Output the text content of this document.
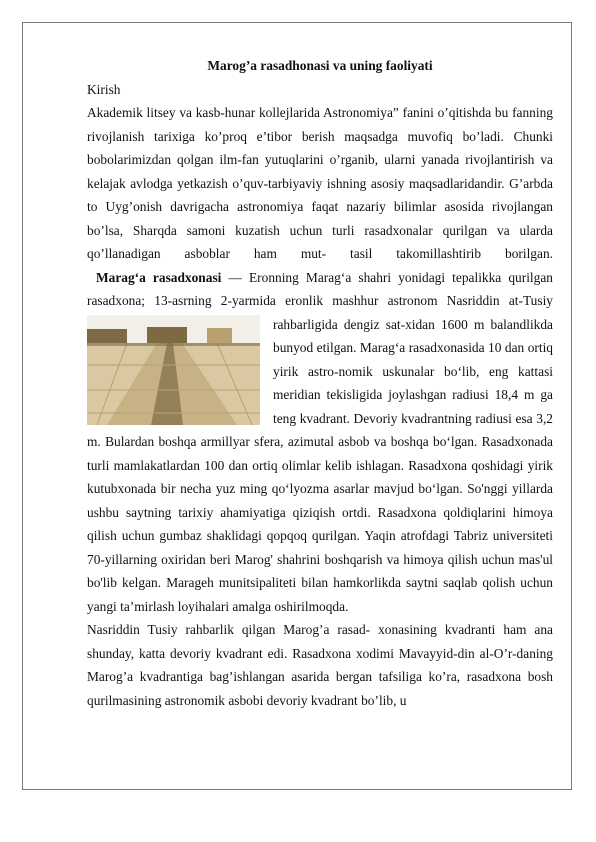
Marog’a rasadhonasi va uning faoliyati

Kirish

Akademik litsey va kasb-hunar kollejlarida Astronomiya” fanini o’qitishda bu fanning rivojlanish tarixiga ko’proq e’tibor berish maqsadga muvofiq bo’ladi. Chunki bobolarimizdan qolgan ilm-fan yutuqlarini o’rganib, ularni yanada rivojlantirish va kelajak avlodga yetkazish o’quv-tarbiyaviy ishning asosiy maqsadlaridandir. G’arbda to Uyg’onish davrigacha astronomiya faqat nazariy bilimlar asosida rivojlangan bo’lsa, Sharqda samoni kuzatish uchun turli rasadxonalar qurilgan va ularda qo’llanadigan asboblar ham mut- tasil takomillashtirib borilgan.

Marag‘a rasadxonasi — Eronning Marag‘a shahri yonidagi tepalikka qurilgan rasadxona; 13-asrning 2-yarmida eronlik mashhur astronom Nasriddin at-Tusiy rahbarligida dengiz sat-xidan 1600 m balandlikda bunyod etilgan. Marag‘a rasadxonasida 10 dan ortiq yirik astro-nomik uskunalar bo‘lib, eng kattasi meridian tekisligida joylashgan radiusi 18,4 m ga teng kvadrant. Devoriy kvadrantning radiusi esa 3,2 m. Bulardan boshqa armillyar sfera, azimutal asbob va boshqa bo‘lgan. Rasadxonada turli mamlakatlardan 100 dan ortiq olimlar kelib ishlagan. Rasadxona qoshidagi yirik kutubxonada bir necha yuz ming qo‘lyozma asarlar mavjud bo‘lgan. So'nggi yillarda ushbu saytning tarixiy ahamiyatiga qiziqish ortdi. Rasadxona qoldiqlarini himoya qilish uchun gumbaz shaklidagi qopqoq qurilgan. Yaqin atrofdagi Tabriz universiteti 70-yillarning oxiridan beri Marog' shahrini boshqarish va himoya qilish uchun mas'ul bo'lib kelgan. Marageh munitsipaliteti bilan hamkorlikda saytni saqlab qolish uchun yangi ta’mirlash loyihalari amalga oshirilmoqda.

Nasriddin Tusiy rahbarlik qilgan Marog’a rasad- xonasining kvadranti ham ana shunday, katta devoriy kvadrant edi. Rasadxona xodimi Mavayyid-din al-O’r-daning Marog’a kvadrantiga bag’ishlangan asarida bergan tafsiliga ko’ra, rasadxona bosh qurilmasining astronomik asbobi devoriy kvadrant bo’lib, u
